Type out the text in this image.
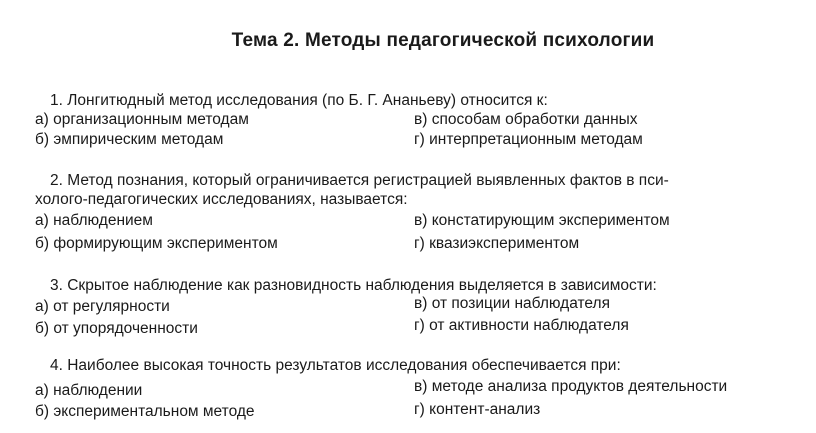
Тема 2. Методы педагогической психологии
1. Лонгитюдный метод исследования (по Б. Г. Ананьеву) относится к:
а) организационным методам	в) способам обработки данных
б) эмпирическим методам	г) интерпретационным методам
2. Метод познания, который ограничивается регистрацией выявленных фактов в пси-
холого-педагогических исследованиях, называется:
а) наблюдением	в) констатирующим экспериментом
б) формирующим экспериментом	г) квазиэкспериментом
3. Скрытое наблюдение как разновидность наблюдения выделяется в зависимости:
а) от регулярности	в) от позиции наблюдателя
б) от упорядоченности	г) от активности наблюдателя
4. Наиболее высокая точность результатов исследования обеспечивается при:
а) наблюдении	в) методе анализа продуктов деятельности
б) экспериментальном методе	г) контент-анализ
